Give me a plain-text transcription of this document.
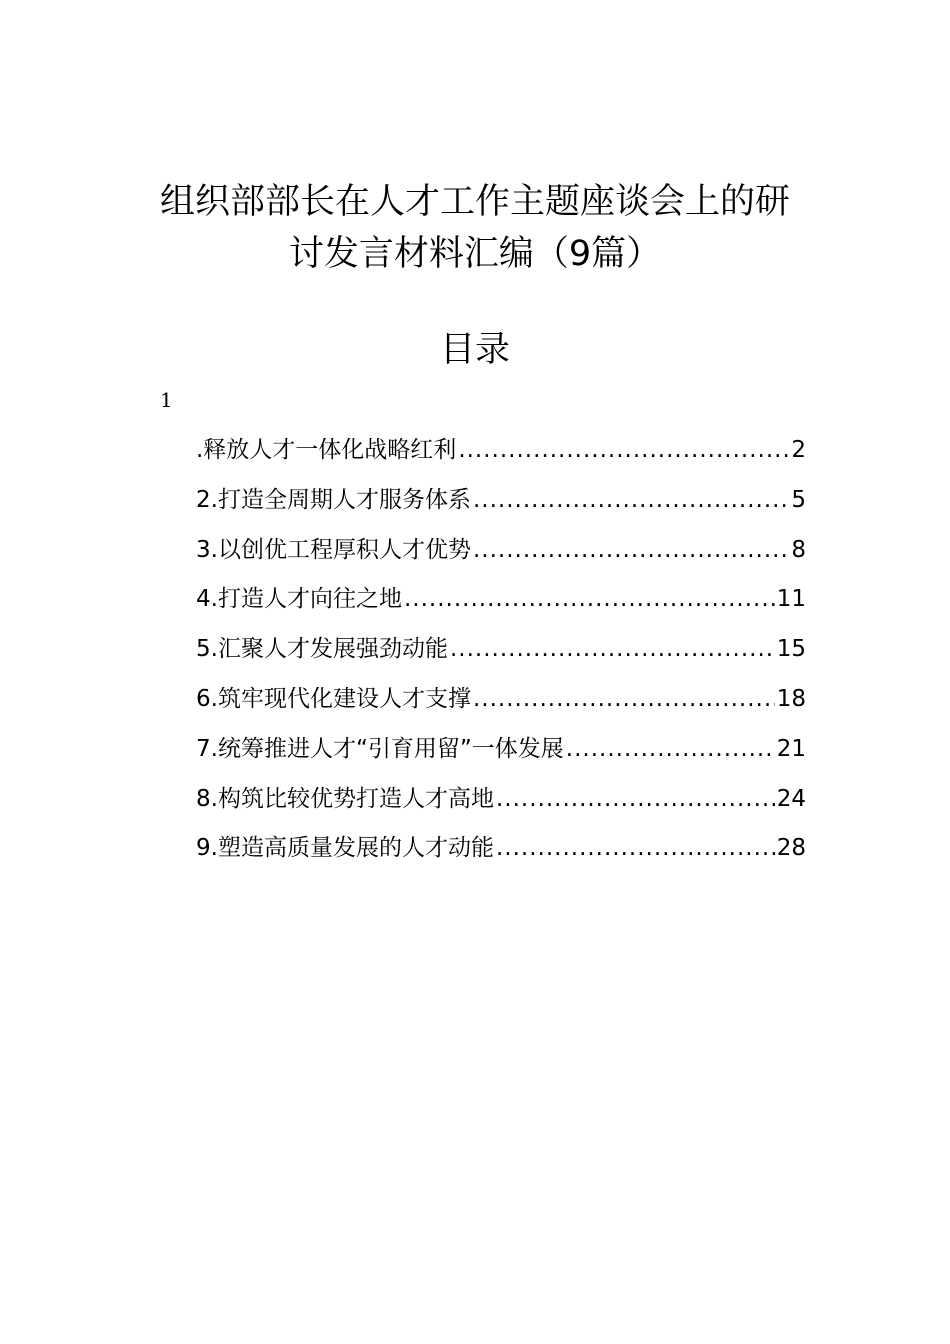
组织部部长在人才工作主题座谈会上的研
讨发言材料汇编（9篇）
目录
1
.释放人才一体化战略红利 .....	2
2.打造全周期人才服务体系 .....	5
3.以创优工程厚积人才优势 .....	8
4.打造人才向往之地 .....	11
5.汇聚人才发展强劲动能 .....	15
6.筑牢现代化建设人才支撑 .....	18
7.统筹推进人才“引育用留”一体发展 .....	21
8.构筑比较优势打造人才高地 .....	24
9.塑造高质量发展的人才动能 .....	28
